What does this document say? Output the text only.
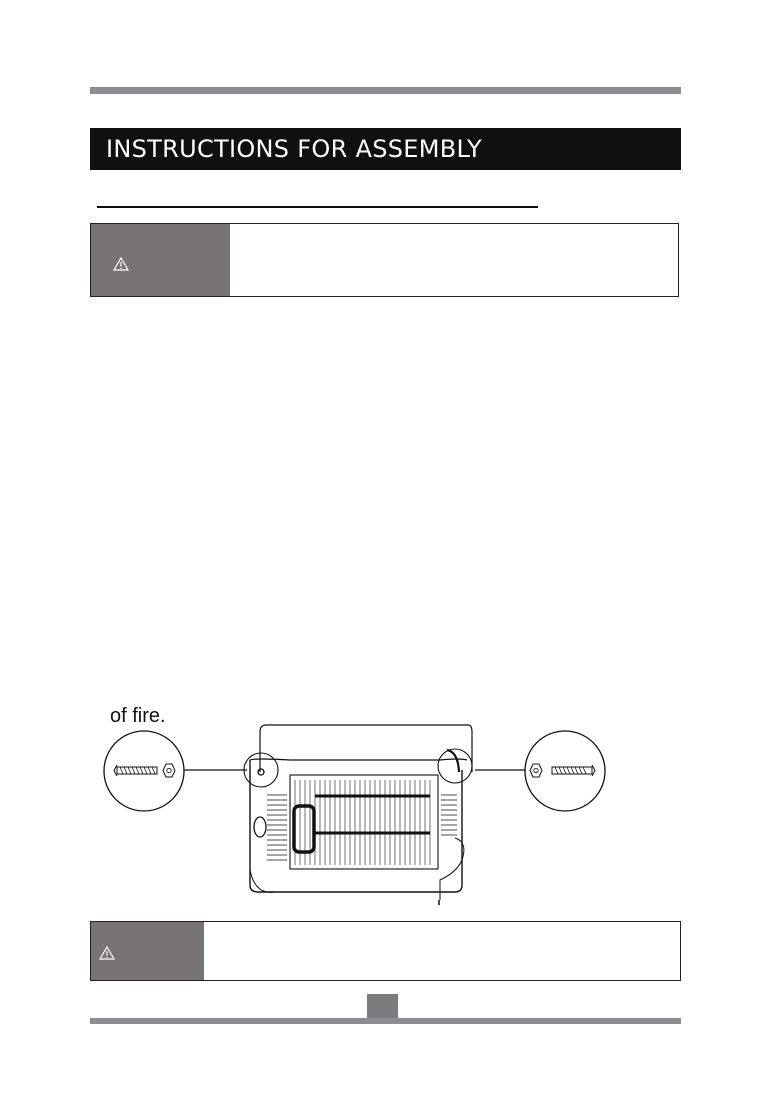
INSTRUCTIONS FOR ASSEMBLY
of fire.
